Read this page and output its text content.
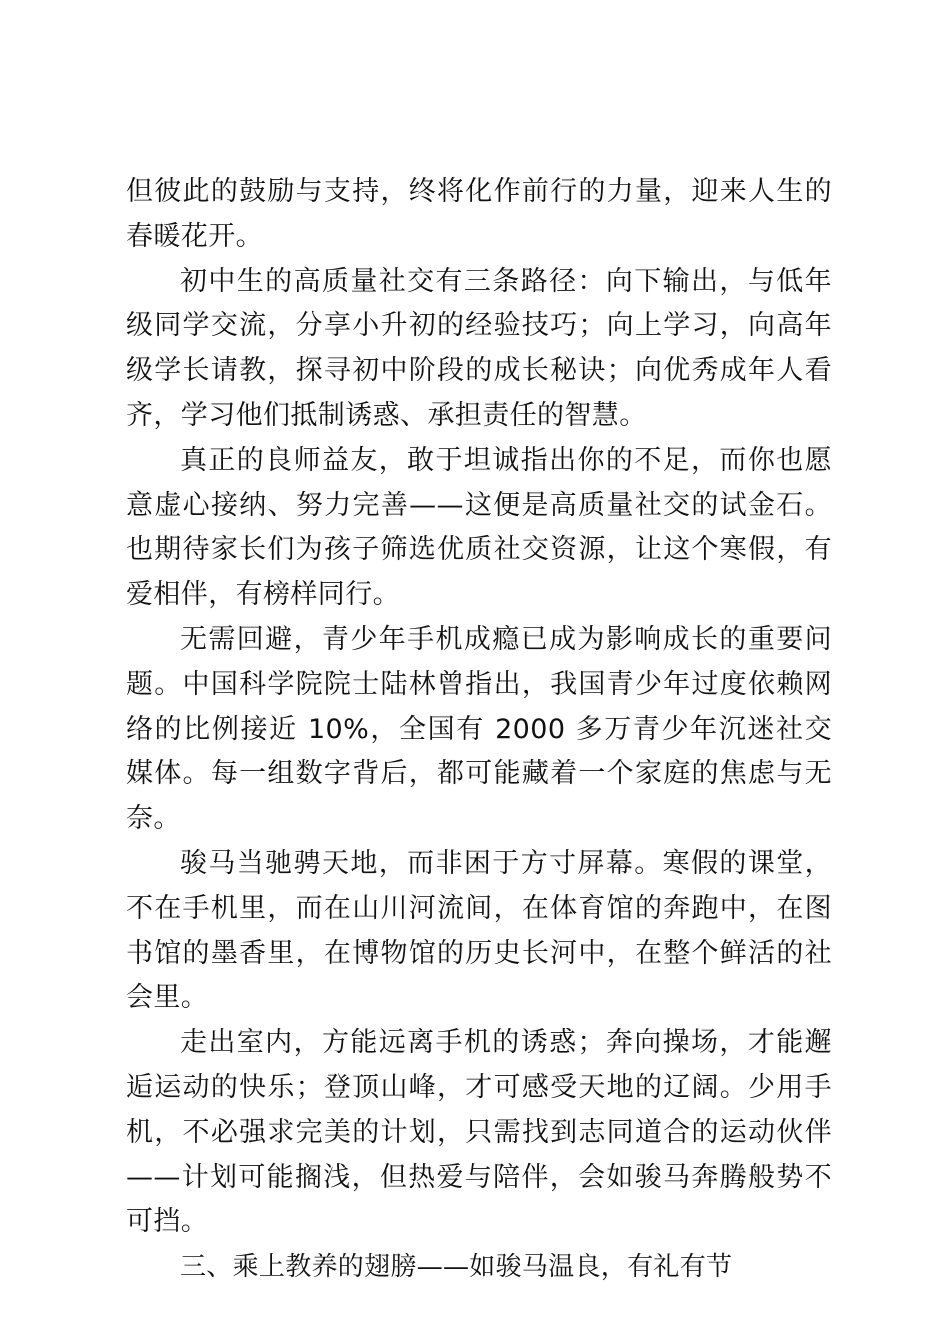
但彼此的鼓励与支持，终将化作前行的力量，迎来人生的春暖花开。

初中生的高质量社交有三条路径：向下输出，与低年级同学交流，分享小升初的经验技巧；向上学习，向高年级学长请教，探寻初中阶段的成长秘诀；向优秀成年人看齐，学习他们抵制诱惑、承担责任的智慧。

真正的良师益友，敢于坦诚指出你的不足，而你也愿意虚心接纳、努力完善——这便是高质量社交的试金石。也期待家长们为孩子筛选优质社交资源，让这个寒假，有爱相伴，有榜样同行。

无需回避，青少年手机成瘾已成为影响成长的重要问题。中国科学院院士陆林曾指出，我国青少年过度依赖网络的比例接近 10%，全国有 2000 多万青少年沉迷社交媒体。每一组数字背后，都可能藏着一个家庭的焦虑与无奈。

骏马当驰骋天地，而非困于方寸屏幕。寒假的课堂，不在手机里，而在山川河流间，在体育馆的奔跑中，在图书馆的墨香里，在博物馆的历史长河中，在整个鲜活的社会里。

走出室内，方能远离手机的诱惑；奔向操场，才能邂逅运动的快乐；登顶山峰，才可感受天地的辽阔。少用手机，不必强求完美的计划，只需找到志同道合的运动伙伴——计划可能搁浅，但热爱与陪伴，会如骏马奔腾般势不可挡。

三、乘上教养的翅膀——如骏马温良，有礼有节
